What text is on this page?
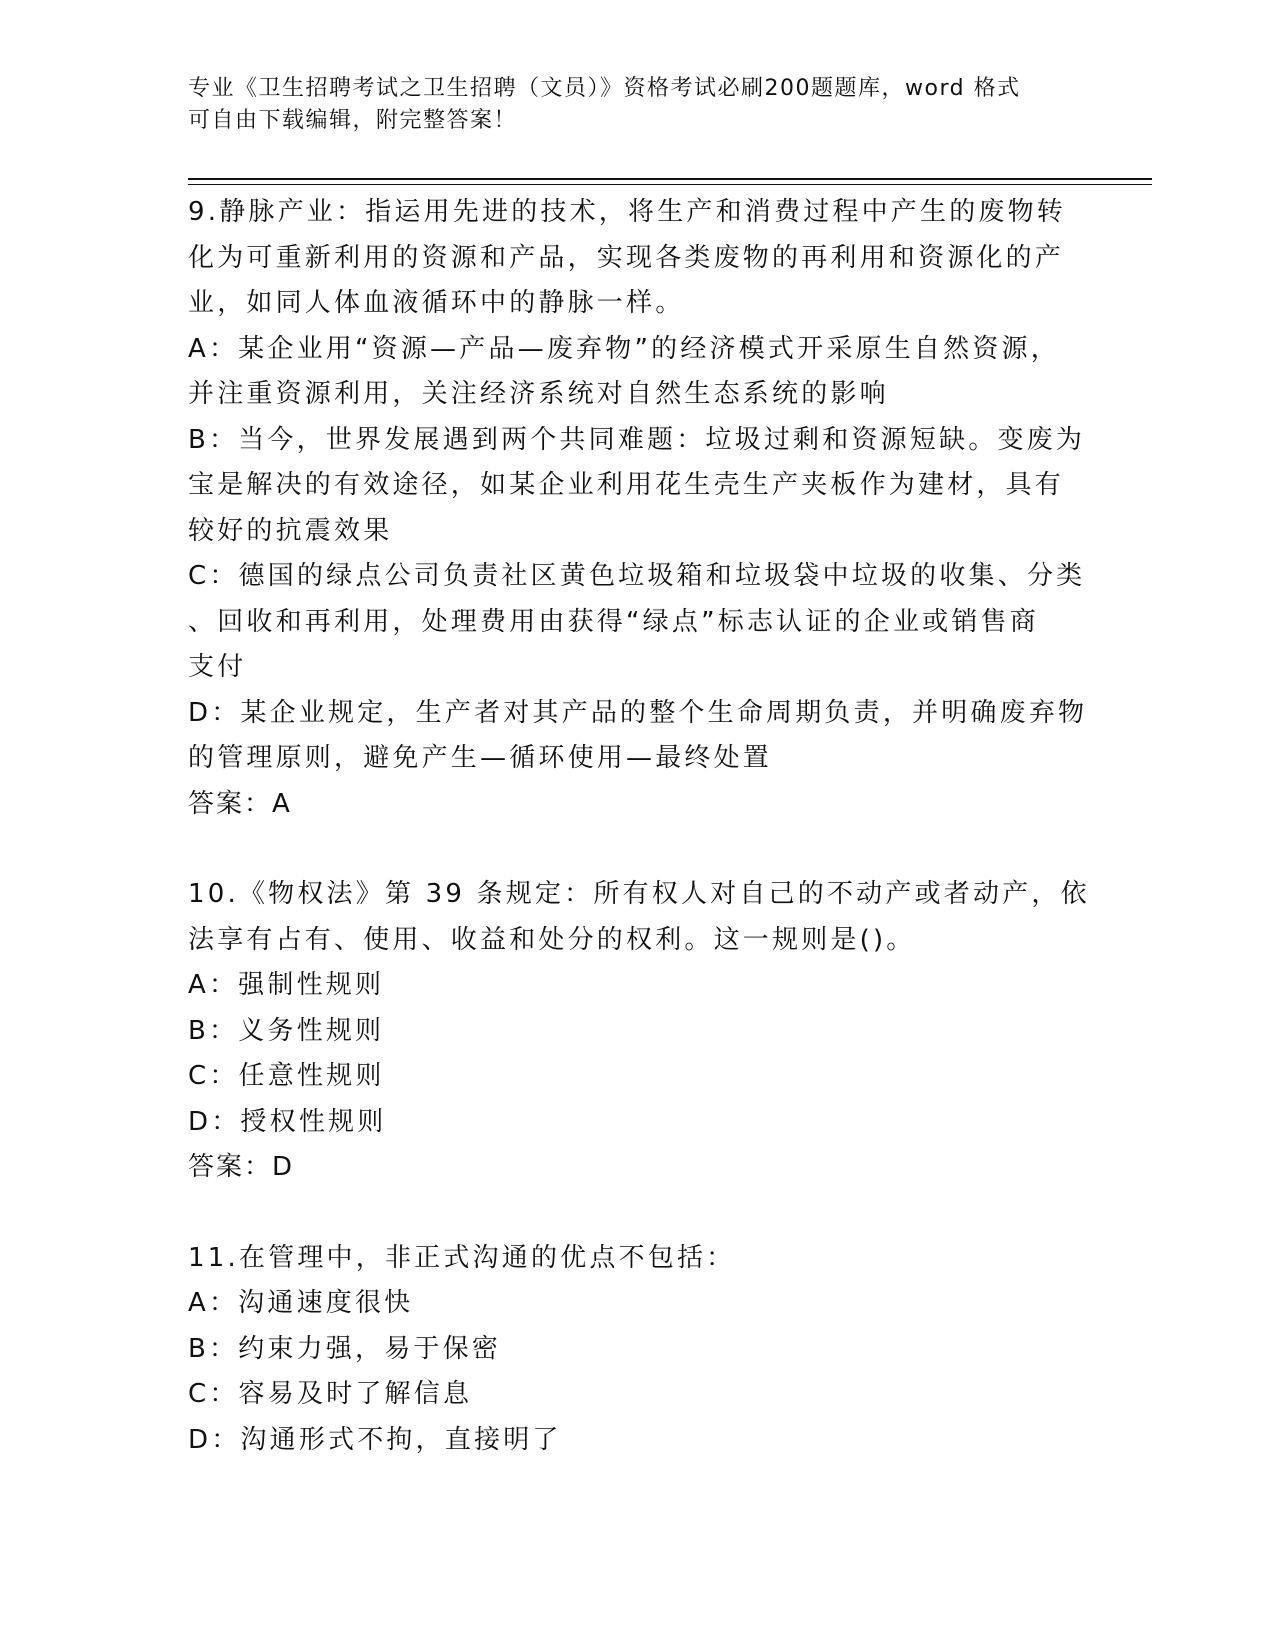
专业《卫生招聘考试之卫生招聘（文员）》资格考试必刷200题题库，word 格式
可自由下载编辑，附完整答案！
9.静脉产业：指运用先进的技术，将生产和消费过程中产生的废物转
化为可重新利用的资源和产品，实现各类废物的再利用和资源化的产
业，如同人体血液循环中的静脉一样。
A：某企业用“资源—产品—废弃物”的经济模式开采原生自然资源，
并注重资源利用，关注经济系统对自然生态系统的影响
B：当今，世界发展遇到两个共同难题：垃圾过剩和资源短缺。变废为
宝是解决的有效途径，如某企业利用花生壳生产夹板作为建材，具有
较好的抗震效果
C：德国的绿点公司负责社区黄色垃圾箱和垃圾袋中垃圾的收集、分类
、回收和再利用，处理费用由获得“绿点”标志认证的企业或销售商
支付
D：某企业规定，生产者对其产品的整个生命周期负责，并明确废弃物
的管理原则，避免产生—循环使用—最终处置
答案：A
10.《物权法》第 39 条规定：所有权人对自己的不动产或者动产，依
法享有占有、使用、收益和处分的权利。这一规则是()。
A：强制性规则
B：义务性规则
C：任意性规则
D：授权性规则
答案：D
11.在管理中，非正式沟通的优点不包括：
A：沟通速度很快
B：约束力强，易于保密
C：容易及时了解信息
D：沟通形式不拘，直接明了
